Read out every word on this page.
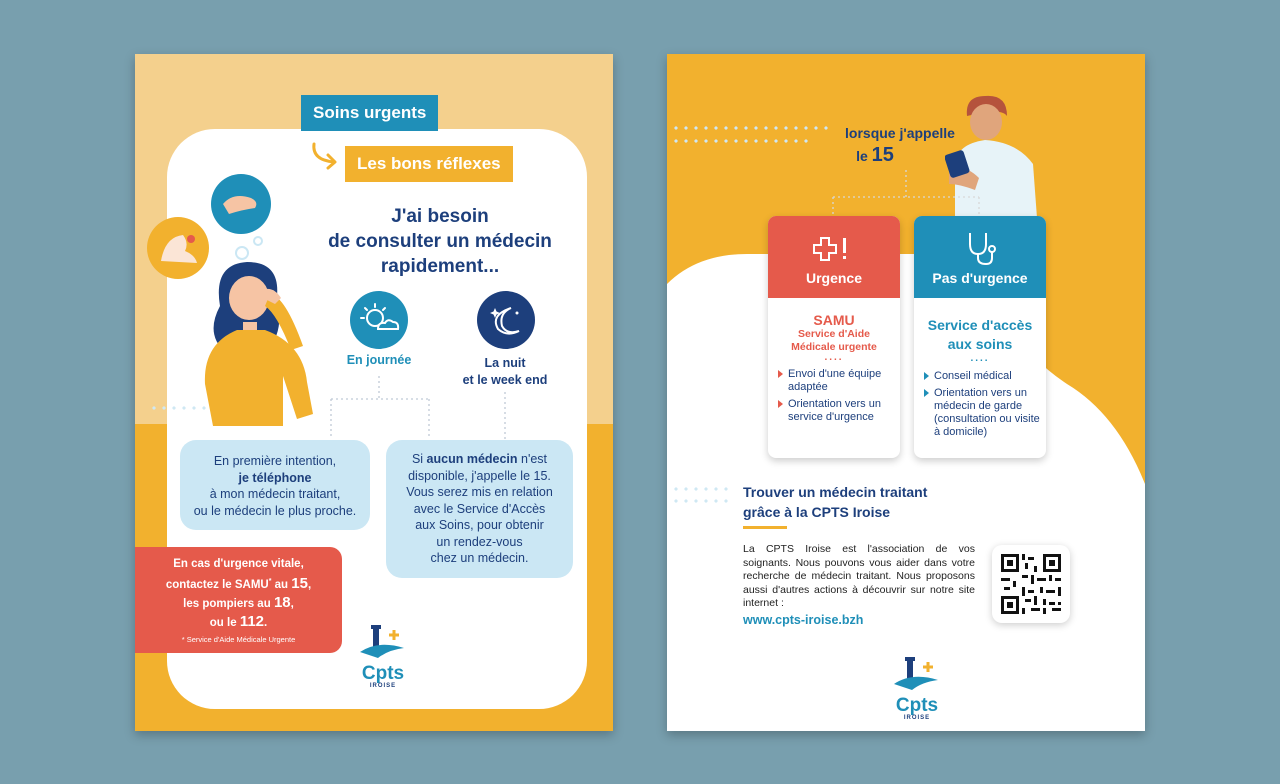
Soins urgents
Les bons réflexes
J'ai besoin
de consulter un médecin
rapidement...
En journée	La nuit
et le week end
En première intention,
je téléphone
à mon médecin traitant,
ou le médecin le plus proche.
Si aucun médecin n'est
disponible, j'appelle le 15.
Vous serez mis en relation
avec le Service d'Accès
aux Soins, pour obtenir
un rendez-vous
chez un médecin.
En cas d'urgence vitale,
contactez le SAMU* au 15,
les pompiers au 18,
ou le 112.
* Service d'Aide Médicale Urgente
Cpts
IROISE
lorsque j'appelle
le 15
Urgence
SAMU
Service d'Aide
Médicale urgente
....
Envoi d'une équipe adaptée
Orientation vers un service d'urgence
Pas d'urgence
Service d'accès
aux soins
....
Conseil médical
Orientation vers un médecin de garde (consultation ou visite à domicile)
Trouver un médecin traitant
grâce à la CPTS Iroise
La CPTS Iroise est l'association de vos soignants. Nous pouvons vous aider dans votre recherche de médecin traitant. Nous proposons aussi d'autres actions à découvrir sur notre site internet :
www.cpts-iroise.bzh
Cpts
IROISE
